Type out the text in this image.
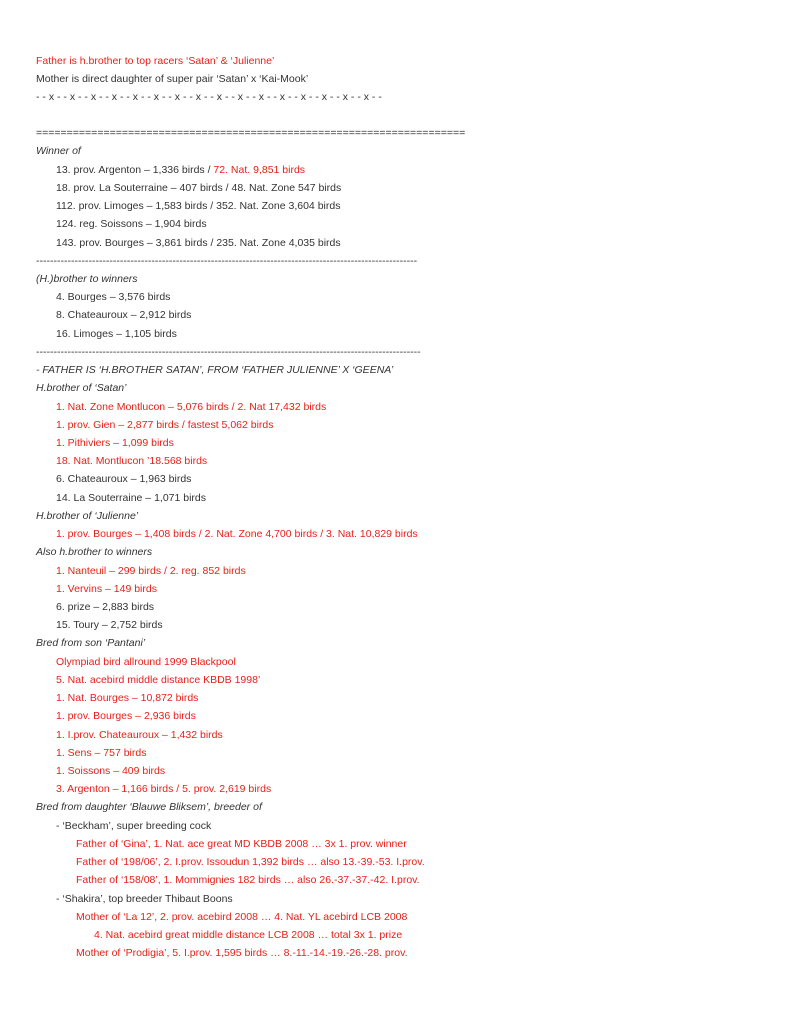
Father is h.brother to top racers ‘Satan’ & ‘Julienne’
Mother is direct daughter of super pair ‘Satan’ x ‘Kai-Mook’
- - x - - x - - x - - x - - x - - x - - x - - x - - x - - x - - x - - x - - x - - x - - x - - x - -
======================================================================
Winner of
13. prov. Argenton – 1,336 birds / 72. Nat. 9,851 birds
18. prov. La Souterraine – 407 birds / 48. Nat. Zone 547 birds
112. prov. Limoges – 1,583 birds / 352. Nat. Zone 3,604 birds
124. reg. Soissons – 1,904 birds
143. prov. Bourges – 3,861 birds / 235. Nat. Zone 4,035 birds
-------------------------------------------------------------------------------------------------------------
(H.)brother to winners
4. Bourges – 3,576 birds
8. Chateauroux – 2,912 birds
16. Limoges – 1,105 birds
--------------------------------------------------------------------------------------------------------------
- FATHER IS ‘H.BROTHER SATAN’, FROM ‘FATHER JULIENNE’ X ‘GEENA’
H.brother of ‘Satan’
1. Nat. Zone Montlucon – 5,076 birds / 2. Nat 17,432 birds
1. prov. Gien – 2,877 birds / fastest 5,062 birds
1. Pithiviers – 1,099 birds
18. Nat. Montlucon ’18.568 birds
6. Chateauroux – 1,963 birds
14. La Souterraine – 1,071 birds
H.brother of ‘Julienne’
1. prov. Bourges – 1,408 birds / 2. Nat. Zone 4,700 birds / 3. Nat. 10,829 birds
Also h.brother to winners
1. Nanteuil – 299 birds / 2. reg. 852 birds
1. Vervins – 149 birds
6. prize – 2,883 birds
15. Toury – 2,752 birds
Bred from son ‘Pantani’
Olympiad bird allround 1999 Blackpool
5. Nat. acebird middle distance KBDB 1998’
1. Nat. Bourges – 10,872 birds
1. prov. Bourges – 2,936 birds
1. I.prov. Chateauroux – 1,432 birds
1. Sens – 757 birds
1. Soissons – 409 birds
3. Argenton – 1,166 birds / 5. prov. 2,619 birds
Bred from daughter ‘Blauwe Bliksem’, breeder of
- ‘Beckham’, super breeding cock
Father of ‘Gina’, 1. Nat. ace great MD KBDB 2008 … 3x 1. prov. winner
Father of ‘198/06’, 2. I.prov. Issoudun 1,392 birds … also 13.-39.-53. I.prov.
Father of ‘158/08’, 1. Mommignies 182 birds … also 26.-37.-37.-42. I.prov.
- ‘Shakira’, top breeder Thibaut Boons
Mother of ‘La 12’, 2. prov. acebird 2008 … 4. Nat. YL acebird LCB 2008
4. Nat. acebird great middle distance LCB 2008 … total 3x 1. prize
Mother of ‘Prodigia’, 5. I.prov. 1,595 birds … 8.-11.-14.-19.-26.-28. prov.
